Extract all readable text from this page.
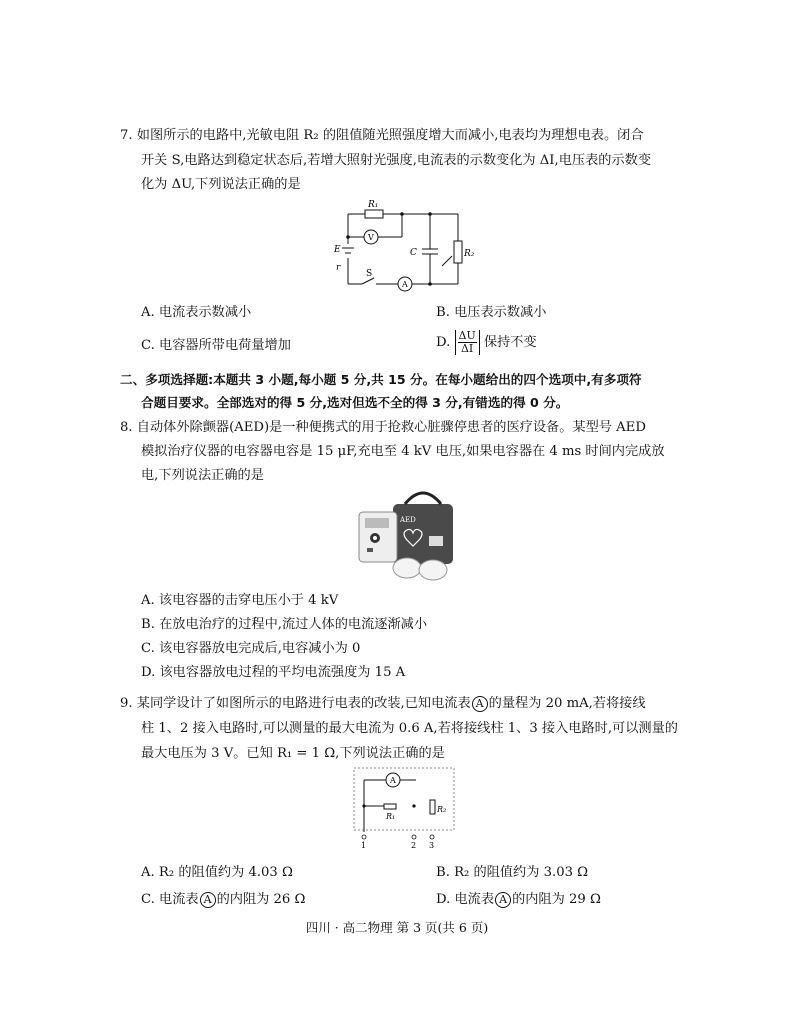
7. 如图所示的电路中,光敏电阻 R₂ 的阻值随光照强度增大而减小,电表均为理想电表。闭合
开关 S,电路达到稳定状态后,若增大照射光强度,电流表的示数变化为 ΔI,电压表的示数变
化为 ΔU,下列说法正确的是
R₁
V
E
r
C	R₂
S
A
A. 电流表示数减小	B. 电压表示数减小
C. 电容器所带电荷量增加	D. $\frac{\Delta U}{\Delta I}$ 保持不变
二、多项选择题:本题共 3 小题,每小题 5 分,共 15 分。在每小题给出的四个选项中,有多项符
合题目要求。全部选对的得 5 分,选对但选不全的得 3 分,有错选的得 0 分。
8. 自动体外除颤器(AED)是一种便携式的用于抢救心脏骤停患者的医疗设备。某型号 AED
模拟治疗仪器的电容器电容是 15 μF,充电至 4 kV 电压,如果电容器在 4 ms 时间内完成放
电,下列说法正确的是
AED
A. 该电容器的击穿电压小于 4 kV
B. 在放电治疗的过程中,流过人体的电流逐渐减小
C. 该电容器放电完成后,电容减小为 0
D. 该电容器放电过程的平均电流强度为 15 A
9. 某同学设计了如图所示的电路进行电表的改装,已知电流表 A 的量程为 20 mA,若将接线
柱 1、2 接入电路时,可以测量的最大电流为 0.6 A,若将接线柱 1、3 接入电路时,可以测量的
最大电压为 3 V。已知 R₁ = 1 Ω,下列说法正确的是
A
R₁
R₂
1	2 3
A. R₂ 的阻值约为 4.03 Ω	B. R₂ 的阻值约为 3.03 Ω
C. 电流表 A 的内阻为 26 Ω	D. 电流表 A 的内阻为 29 Ω
四川 · 高二物理 第 3 页(共 6 页)
